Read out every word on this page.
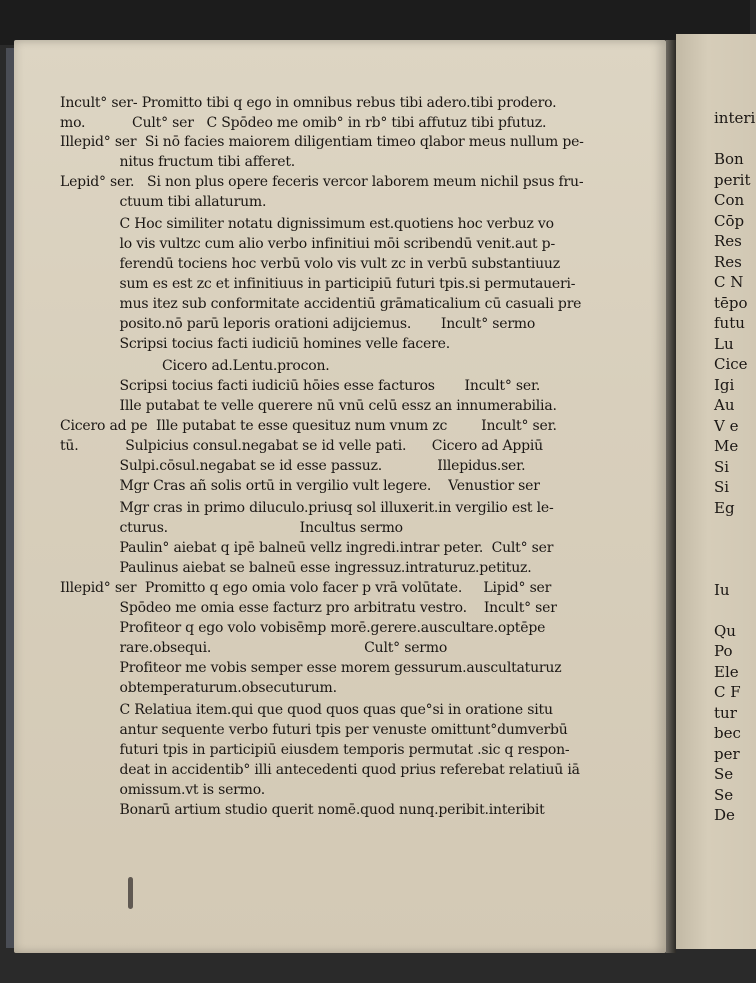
Incult° ser- Promitto tibi q ego in omnibus rebus tibi adero.tibi prodero.
mo.           Cult° ser   C Spōdeo me omib° in rb° tibi affutuz tibi pfutuz.
Illepid° ser  Si nō facies maiorem diligentiam timeo qlabor meus nullum pe-
nitus fructum tibi afferet.
Lepid° ser.   Si non plus opere feceris vercor laborem meum nichil psus fru-
ctuum tibi allaturum.
C Hoc similiter notatu dignissimum est.quotiens hoc verbuz vo
lo vis vultzc cum alio verbo infinitiui mōi scribendū venit.aut p-
ferendū tociens hoc verbū volo vis vult zc in verbū substantiuuz
sum es est zc et infinitiuus in participiū futuri tpis.si permutaueri-
mus itez sub conformitate accidentiū grāmaticalium cū casuali pre
posito.nō parū leporis orationi adijciemus.       Incult° sermo
Scripsi tocius facti iudiciū homines velle facere.
Cicero ad.Lentu.procon.
Scripsi tocius facti iudiciū hōies esse facturos       Incult° ser.
Ille putabat te velle querere nū vnū celū essz an innumerabilia.
Cicero ad pe  Ille putabat te esse quesituz num vnum zc        Incult° ser.
tū.           Sulpicius consul.negabat se id velle pati.      Cicero ad Appiū
Sulpi.cōsul.negabat se id esse passuz.             Illepidus.ser.
Mgr Cras añ solis ortū in vergilio vult legere.    Venustior ser
Mgr cras in primo diluculo.priusq sol illuxerit.in vergilio est le-
cturus.                               Incultus sermo
Paulin° aiebat q ipē balneū vellz ingredi.intrar peter.  Cult° ser
Paulinus aiebat se balneū esse ingressuz.intraturuz.petituz.
Illepid° ser  Promitto q ego omia volo facer p vrā volūtate.     Lipid° ser
Spōdeo me omia esse facturz pro arbitratu vestro.    Incult° ser
Profiteor q ego volo vobisēmp morē.gerere.auscultare.optēpe
rare.obsequi.                                    Cult° sermo
Profiteor me vobis semper esse morem gessurum.auscultaturuz
obtemperaturum.obsecuturum.
C Relatiua item.qui que quod quos quas que°si in oratione situ
antur sequente verbo futuri tpis per venuste omittunt°dumverbū
futuri tpis in participiū eiusdem temporis permutat .sic q respon-
deat in accidentib° illi antecedenti quod prius referebat relatiuū iā
omissum.vt is sermo.
Bonarū artium studio querit nomē.quod nunq.peribit.interibit
interi
Bon
perit
Con
Cōp
Res
Res
C N
tēpo
futu
Lu
Cice
Igi
Au
V e
Me
Si
Si
Eg
Iu
Qu
Po
Ele
C F
tur
bec
per
Se
Se
De
